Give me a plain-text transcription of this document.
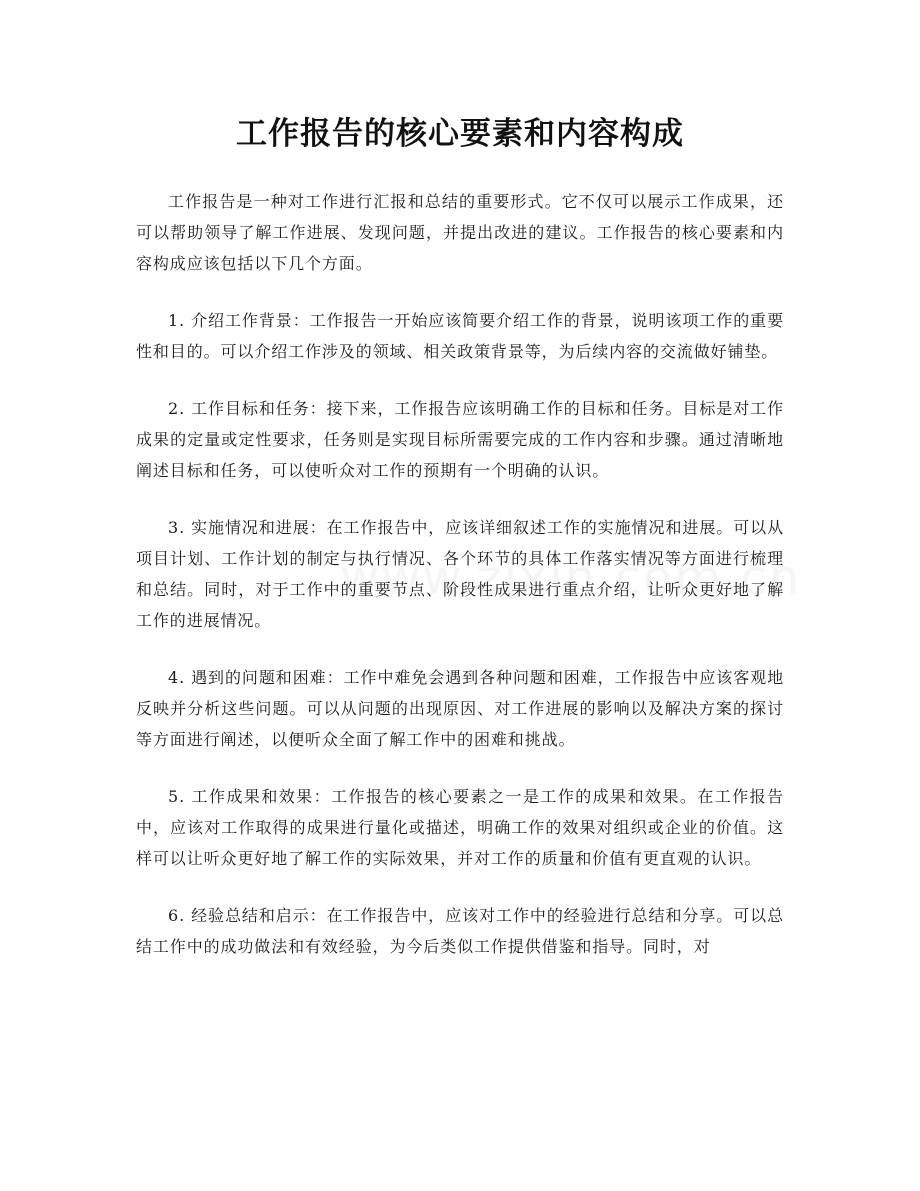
工作报告的核心要素和内容构成

工作报告是一种对工作进行汇报和总结的重要形式。它不仅可以展示工作成果，还可以帮助领导了解工作进展、发现问题，并提出改进的建议。工作报告的核心要素和内容构成应该包括以下几个方面。

1. 介绍工作背景：工作报告一开始应该简要介绍工作的背景，说明该项工作的重要性和目的。可以介绍工作涉及的领域、相关政策背景等，为后续内容的交流做好铺垫。

2. 工作目标和任务：接下来，工作报告应该明确工作的目标和任务。目标是对工作成果的定量或定性要求，任务则是实现目标所需要完成的工作内容和步骤。通过清晰地阐述目标和任务，可以使听众对工作的预期有一个明确的认识。

3. 实施情况和进展：在工作报告中，应该详细叙述工作的实施情况和进展。可以从项目计划、工作计划的制定与执行情况、各个环节的具体工作落实情况等方面进行梳理和总结。同时，对于工作中的重要节点、阶段性成果进行重点介绍，让听众更好地了解工作的进展情况。

4. 遇到的问题和困难：工作中难免会遇到各种问题和困难，工作报告中应该客观地反映并分析这些问题。可以从问题的出现原因、对工作进展的影响以及解决方案的探讨等方面进行阐述，以便听众全面了解工作中的困难和挑战。

5. 工作成果和效果：工作报告的核心要素之一是工作的成果和效果。在工作报告中，应该对工作取得的成果进行量化或描述，明确工作的效果对组织或企业的价值。这样可以让听众更好地了解工作的实际效果，并对工作的质量和价值有更直观的认识。

6. 经验总结和启示：在工作报告中，应该对工作中的经验进行总结和分享。可以总结工作中的成功做法和有效经验，为今后类似工作提供借鉴和指导。同时，对
